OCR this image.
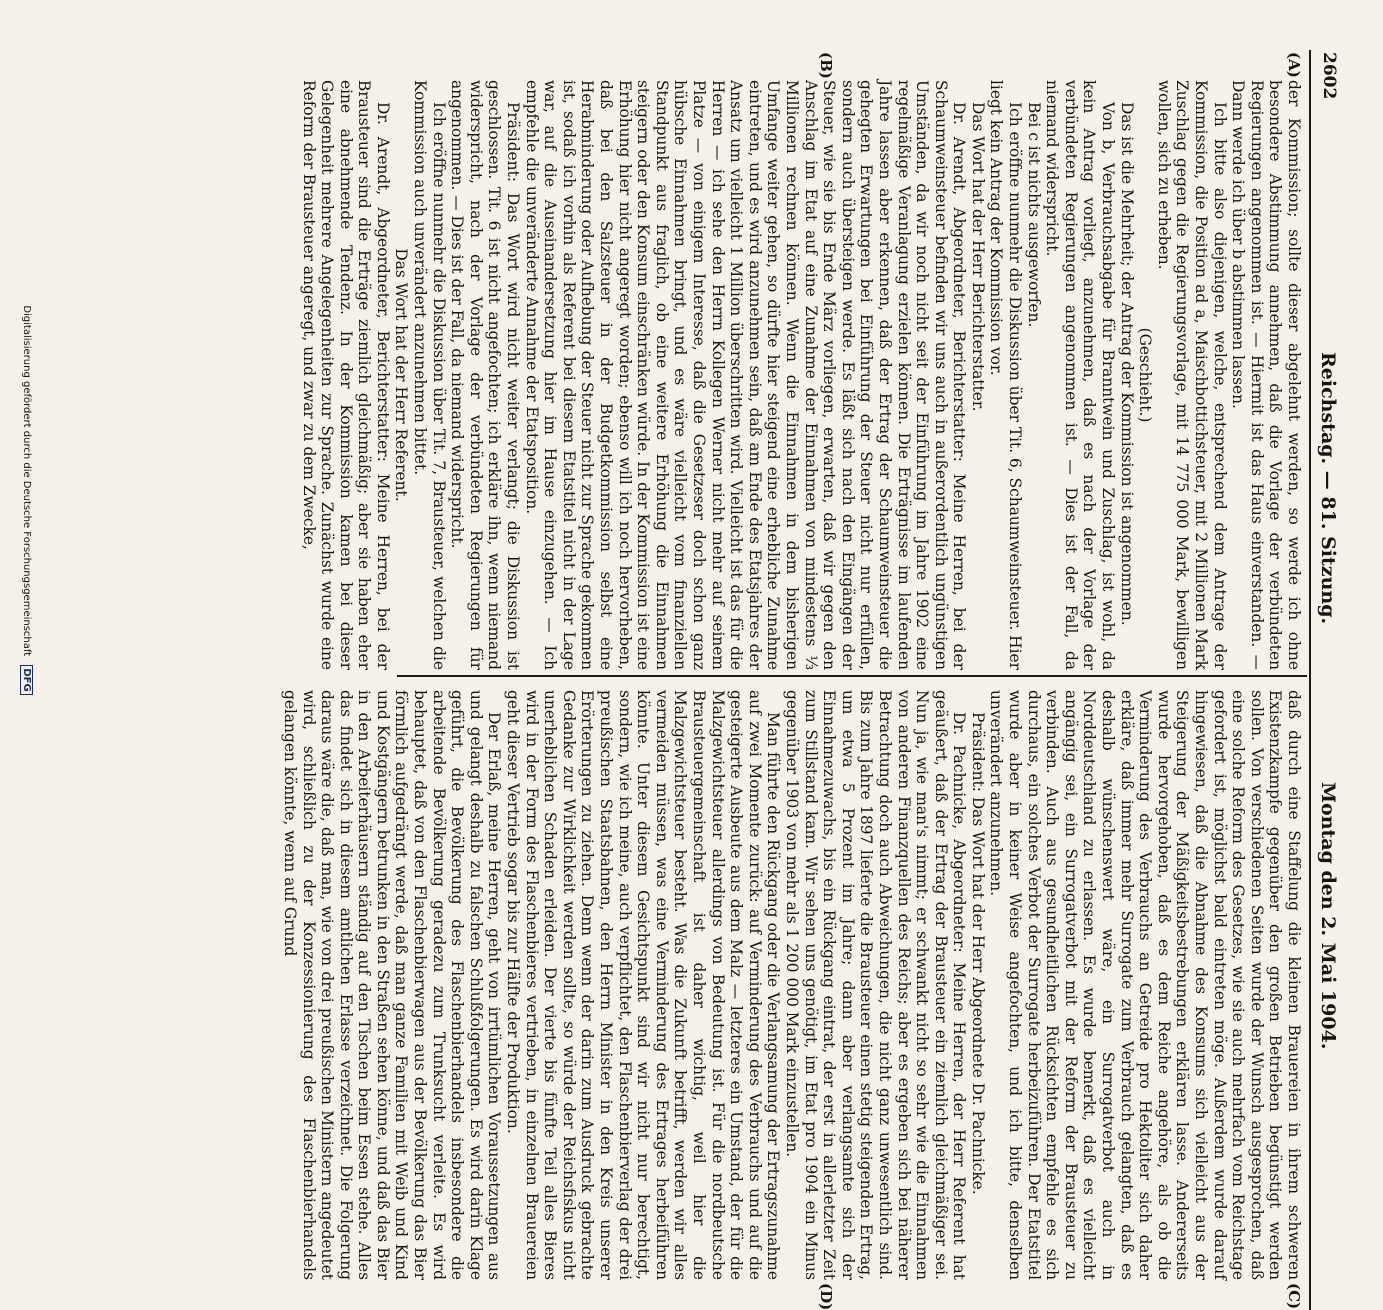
2602
Reichstag. — 81. Sitzung.
Montag den 2. Mai 1904.
(A)
(B)
(C)
(D)

der Kommission; sollte dieser abgelehnt werden, so werde ich ohne besondere Abstimmung annehmen, daß die Vorlage der verbündeten Regierungen angenommen ist. — Hiermit ist das Haus einverstanden. — Dann werde ich über b abstimmen lassen.

Ich bitte also diejenigen, welche, entsprechend dem Antrage der Kommission, die Position ad a, Maischbottichsteuer, mit 2 Millionen Mark Zuschlag gegen die Regierungsvorlage, mit 14 775 000 Mark, bewilligen wollen, sich zu erheben.

(Geschieht.)

Das ist die Mehrheit; der Antrag der Kommission ist angenommen.

Von b, Verbrauchsabgabe für Branntwein und Zuschlag, ist wohl, da kein Antrag vorliegt, anzunehmen, daß es nach der Vorlage der verbündeten Regierungen angenommen ist. — Dies ist der Fall, da niemand widerspricht.

Bei c ist nichts ausgeworfen.

Ich eröffne nunmehr die Diskussion über Tit. 6, Schaumweinsteuer. Hier liegt kein Antrag der Kommission vor.

Das Wort hat der Herr Berichterstatter.

Dr. Arendt, Abgeordneter, Berichterstatter: Meine Herren, bei der Schaumweinsteuer befinden wir uns auch in außerordentlich ungünstigen Umständen, da wir noch nicht seit der Einführung im Jahre 1902 eine regelmäßige Veranlagung erzielen können. Die Erträgnisse im laufenden Jahre lassen aber erkennen, daß der Ertrag der Schaumweinsteuer die gehegten Erwartungen bei Einführung der Steuer nicht nur erfüllen, sondern auch übersteigen werde. Es läßt sich nach den Eingängen der Steuer, wie sie bis Ende März vorliegen, erwarten, daß wir gegen den Anschlag im Etat auf eine Zunahme der Einnahmen von mindestens ⅓ Millionen rechnen können. Wenn die Einnahmen in dem bisherigen Umfange weiter gehen, so dürfte hier steigend eine erhebliche Zunahme eintreten, und es wird anzunehmen sein, daß am Ende des Etatsjahres der Ansatz um vielleicht 1 Million überschritten wird. Vielleicht ist das für die Herren — ich sehe den Herrn Kollegen Werner nicht mehr auf seinem Platze — von einigem Interesse, daß die Gesetzeser doch schon ganz hübsche Einnahmen bringt, und es wäre vielleicht vom finanziellen Standpunkt aus fraglich, ob eine weitere Erhöhung die Einnahmen steigern oder den Konsum einschränken würde. In der Kommission ist eine Erhöhung hier nicht angeregt worden; ebenso will ich noch hervorheben, daß bei den Salzsteuer in der Budgetkommission selbst eine Herabminderung oder Aufhebung der Steuer nicht zur Sprache gekommen ist, sodaß ich vorhin als Referent bei diesem Etatstitel nicht in der Lage war, auf die Auseinandersetzung hier im Hause einzugehen. — Ich empfehle die unveränderte Annahme der Etatsposition.

Präsident: Das Wort wird nicht weiter verlangt; die Diskussion ist geschlossen. Tit. 6 ist nicht angefochten; ich erkläre ihn, wenn niemand widerspricht, nach der Vorlage der verbündeten Regierungen für angenommen. — Dies ist der Fall, da niemand widerspricht.

Ich eröffne nunmehr die Diskussion über Tit. 7, Brausteuer, welchen die Kommission auch unverändert anzunehmen bittet.

Das Wort hat der Herr Referent.

Dr. Arendt, Abgeordneter, Berichterstatter: Meine Herren, bei der Brausteuer sind die Erträge ziemlich gleichmäßig; aber sie haben eher eine abnehmende Tendenz. In der Kommission kamen bei dieser Gelegenheit mehrere Angelegenheiten zur Sprache. Zunächst wurde eine Reform der Brausteuer angeregt, und zwar zu dem Zwecke,

daß durch eine Staffelung die kleinen Brauereien in ihrem schweren Existenzkampfe gegenüber den großen Betrieben begünstigt werden sollen. Von verschiedenen Seiten wurde der Wunsch ausgesprochen, daß eine solche Reform des Gesetzes, wie sie auch mehrfach vom Reichstage gefordert ist, möglichst bald eintreten möge. Außerdem wurde darauf hingewiesen, daß die Abnahme des Konsums sich vielleicht aus der Steigerung der Mäßigkeitsbestrebungen erklären lasse. Andererseits wurde hervorgehoben, daß es dem Reiche angehöre, als ob die Verminderung des Verbrauchs an Getreide pro Hektoliter sich daher erkläre, daß immer mehr Surrogate zum Verbrauch gelangten, daß es deshalb wünschenswert wäre, ein Surrogatverbot auch in Norddeutschland zu erlassen. Es wurde bemerkt, daß es vielleicht angängig sei, ein Surrogatverbot mit der Reform der Brausteuer zu verbinden. Auch aus gesundheitlichen Rücksichten empfehle es sich durchaus, ein solches Verbot der Surrogate herbeizuführen. Der Etatstitel wurde aber in keiner Weise angefochten, und ich bitte, denselben unverändert anzunehmen.

Präsident: Das Wort hat der Herr Abgeordnete Dr. Pachnicke.

Dr. Pachnicke, Abgeordneter: Meine Herren, der Herr Referent hat geäußert, daß der Ertrag der Brausteuer ein ziemlich gleichmäßiger sei. Nun ja, wie man's nimmt; er schwankt nicht so sehr wie die Einnahmen von anderen Finanzquellen des Reichs; aber es ergeben sich bei näherer Betrachtung doch auch Abweichungen, die nicht ganz unwesentlich sind. Bis zum Jahre 1897 lieferte die Brausteuer einen stetig steigenden Ertrag, um etwa 5 Prozent im Jahre; dann aber verlangsamte sich der Einnahmezuwachs, bis ein Rückgang eintrat, der erst in allerletzter Zeit zum Stillstand kam. Wir sehen uns genötigt, im Etat pro 1904 ein Minus gegenüber 1903 von mehr als 1 200 000 Mark einzustellen.

Man führte den Rückgang oder die Verlangsamung der Ertragszunahme auf zwei Momente zurück: auf Verminderung des Verbrauchs und auf die gesteigerte Ausbeute aus dem Malz — letzteres ein Umstand, der für die Malzgewichtsteuer allerdings von Bedeutung ist. Für die nordbeutsche Brausteuergemeinschaft ist daher wichtig, weil hier die Malzgewichtsteuer besteht. Was die Zukunft betrifft, werden wir alles vermeiden müssen, was eine Verminderung des Ertrages herbeiführen könnte. Unter diesem Gesichtspunkt sind wir nicht nur berechtigt, sondern, wie ich meine, auch verpflichtet, den Flaschenbierverlag der drei preußischen Staatsbahnen, den Herrn Minister in den Kreis unserer Erörterungen zu ziehen. Denn wenn der darin zum Ausdruck gebrachte Gedanke zur Wirklichkeit werden sollte, so würde der Reichsfiskus nicht unerheblichen Schaden erleiden. Der vierte bis fünfte Teil alles Bieres wird in der Form des Flaschenbieres vertrieben, in einzelnen Brauereien geht dieser Vertrieb sogar bis zur Hälfte der Produktion.

Der Erlaß, meine Herren, geht von irrtümlichen Voraussetzungen aus und gelangt deshalb zu falschen Schlußfolgerungen. Es wird darin Klage geführt, die Bevölkerung des Flaschenbierhandels insbesondere die arbeitende Bevölkerung geradezu zum Trunksucht verleite. Es wird behauptet, daß von den Flaschenbierwagen aus der Bevölkerung das Bier förmlich aufgedrängt werde, daß man ganze Familien mit Weib und Kind und Kostgängern betrunken in den Straßen sehen könne, und daß das Bier in den Arbeiterhäusern ständig auf den Tischen beim Essen stehe. Alles das findet sich in diesem amtlichen Erlasse verzeichnet. Die Folgerung daraus wäre die, daß man, wie von drei preußischen Ministern angedeutet wird, schließlich zu der Konzessionierung des Flaschenbierhandels gelangen könnte, wenn auf Grund

Digitalisierung gefördert durch die Deutsche Forschungsgemeinschaft DFG
